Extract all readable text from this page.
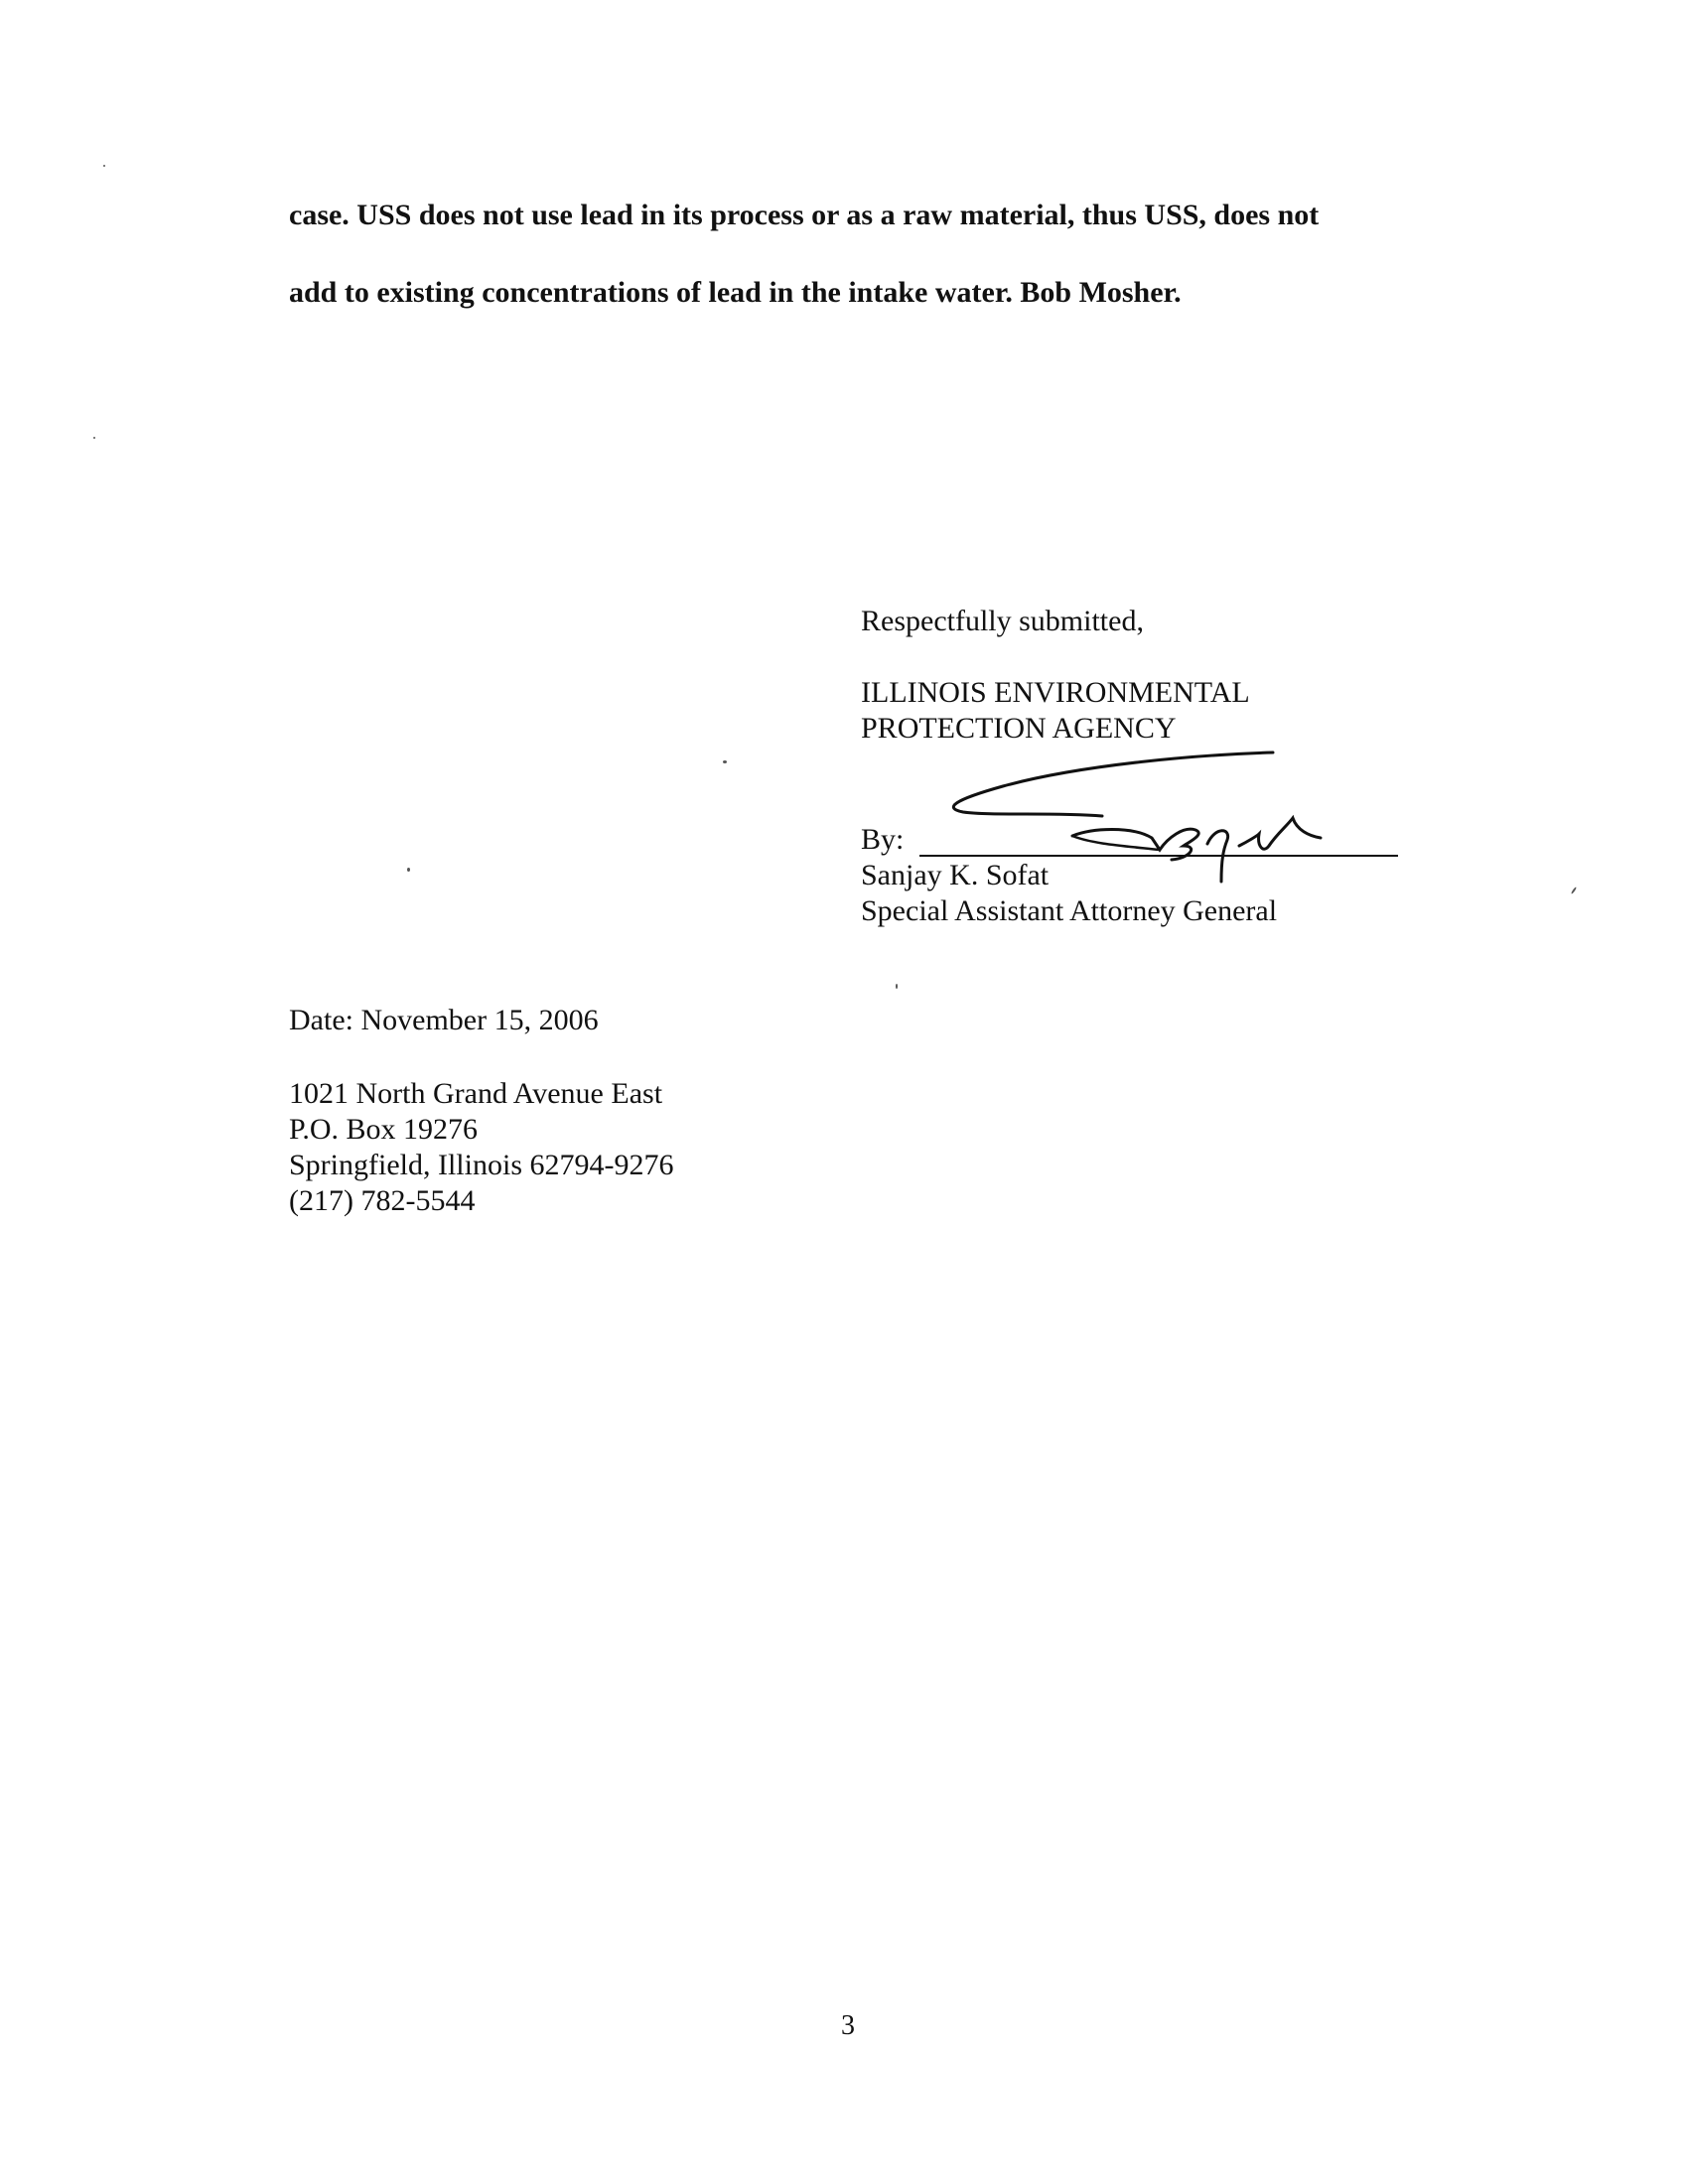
case. USS does not use lead in its process or as a raw material, thus USS, does not
add to existing concentrations of lead in the intake water. Bob Mosher.
Respectfully submitted,
ILLINOIS ENVIRONMENTAL
PROTECTION AGENCY
By:
Sanjay K. Sofat
Special Assistant Attorney General
Date: November 15, 2006
1021 North Grand Avenue East
P.O. Box 19276
Springfield, Illinois 62794-9276
(217) 782-5544
3
